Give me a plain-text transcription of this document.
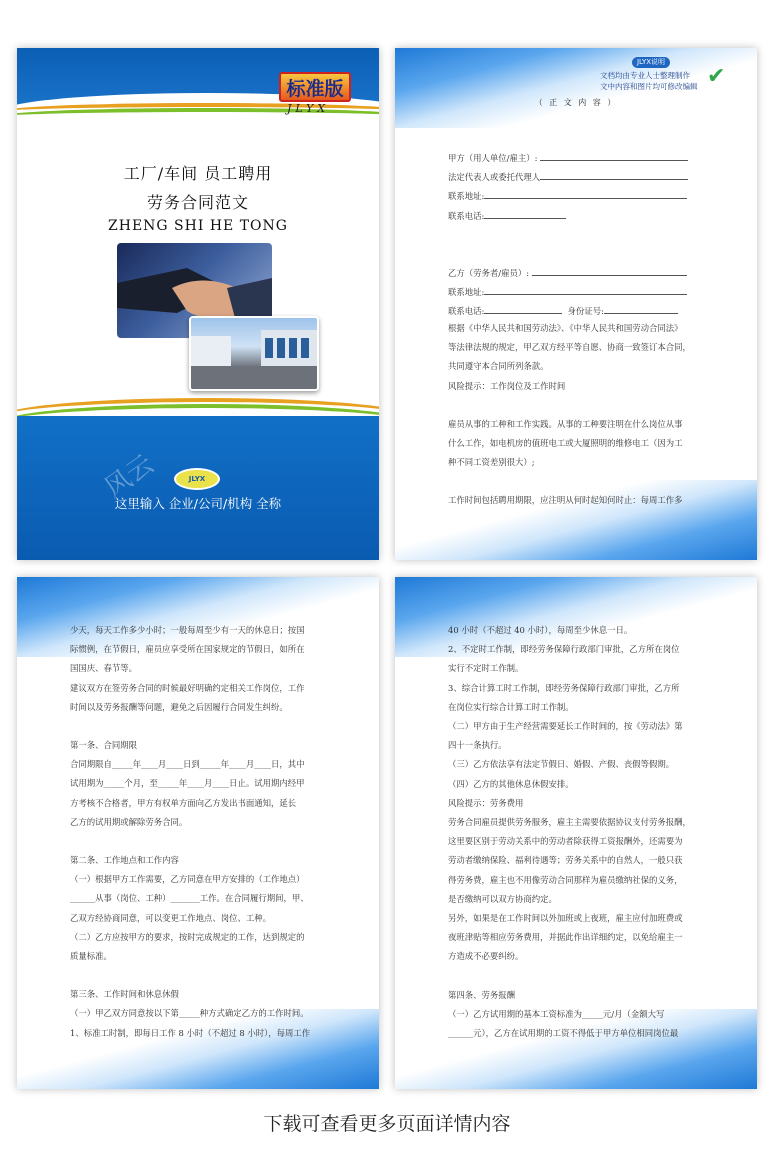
标准版
JLYX
工厂/车间 员工聘用
劳务合同范文
ZHENG SHI HE TONG
风云	JLYX
这里输入 企业/公司/机构 全称
JLYX说明
文档均由专业人士整理制作
文中内容和图片均可修改编辑 ✔
（ 正 文 内 容 ）

甲方（用人单位/雇主）:

法定代表人或委托代理人

联系地址:

联系电话:

乙方（劳务者/雇员）:

联系地址:

联系电话:	身份证号:

根据《中华人民共和国劳动法》、《中华人民共和国劳动合同法》

等法律法规的规定，甲乙双方经平等自愿、协商一致签订本合同，

共同遵守本合同所列条款。

风险提示：工作岗位及工作时间

雇员从事的工种和工作实践。从事的工种要注明在什么岗位从事

什么工作，如电机房的值班电工或大厦照明的维修电工（因为工

种不同工资差别很大）;

工作时间包括聘用期限，应注明从何时起知何时止：每周工作多

少天，每天工作多少小时；一般每周至少有一天的休息日；按国

际惯例，在节假日，雇员应享受所在国家规定的节假日，如所在

国国庆、春节等。

建议双方在签劳务合同的时候最好明确约定相关工作岗位，工作

时间以及劳务报酬等问题，避免之后因履行合同发生纠纷。

第一条、合同期限

合同期限自_____年____月____日到_____年____月____日，其中

试用期为_____个月，至_____年____月____日止。试用期内经甲

方考核不合格者，甲方有权单方面向乙方发出书面通知，延长

乙方的试用期或解除劳务合同。

第二条、工作地点和工作内容

（一）根据甲方工作需要，乙方同意在甲方安排的（工作地点）

______从事（岗位、工种）_______工作。在合同履行期间，甲、

乙双方经协商同意，可以变更工作地点、岗位、工种。

（二）乙方应按甲方的要求，按时完成规定的工作，达到规定的

质量标准。

第三条、工作时间和休息休假

（一）甲乙双方同意按以下第_____种方式确定乙方的工作时间。

1、标准工时制，即每日工作 8 小时（不超过 8 小时），每周工作

40 小时（不超过 40 小时），每周至少休息一日。

2、不定时工作制，即经劳务保障行政部门审批，乙方所在岗位

实行不定时工作制。

3、综合计算工时工作制，即经劳务保障行政部门审批，乙方所

在岗位实行综合计算工时工作制。

（二）甲方由于生产经营需要延长工作时间的，按《劳动法》第

四十一条执行。

（三）乙方依法享有法定节假日、婚假、产假、丧假等假期。

（四）乙方的其他休息休假安排。

风险提示：劳务费用

劳务合同雇员提供劳务服务，雇主主需要依据协议支付劳务报酬，

这里要区别于劳动关系中的劳动者除获得工资报酬外，还需要为

劳动者缴纳保险、福利待遇等；劳务关系中的自然人，一般只获

得劳务费，雇主也不用像劳动合同那样为雇员缴纳社保的义务，

是否缴纳可以双方协商约定。

另外，如果是在工作时间以外加班或上夜班，雇主应付加班费或

夜班津贴等相应劳务费用，并据此作出详细约定，以免给雇主一

方造成不必要纠纷。

第四条、劳务报酬

（一）乙方试用期的基本工资标准为_____元/月（金额大写

______元），乙方在试用期的工资不得低于甲方单位相同岗位最

下载可查看更多页面详情内容
